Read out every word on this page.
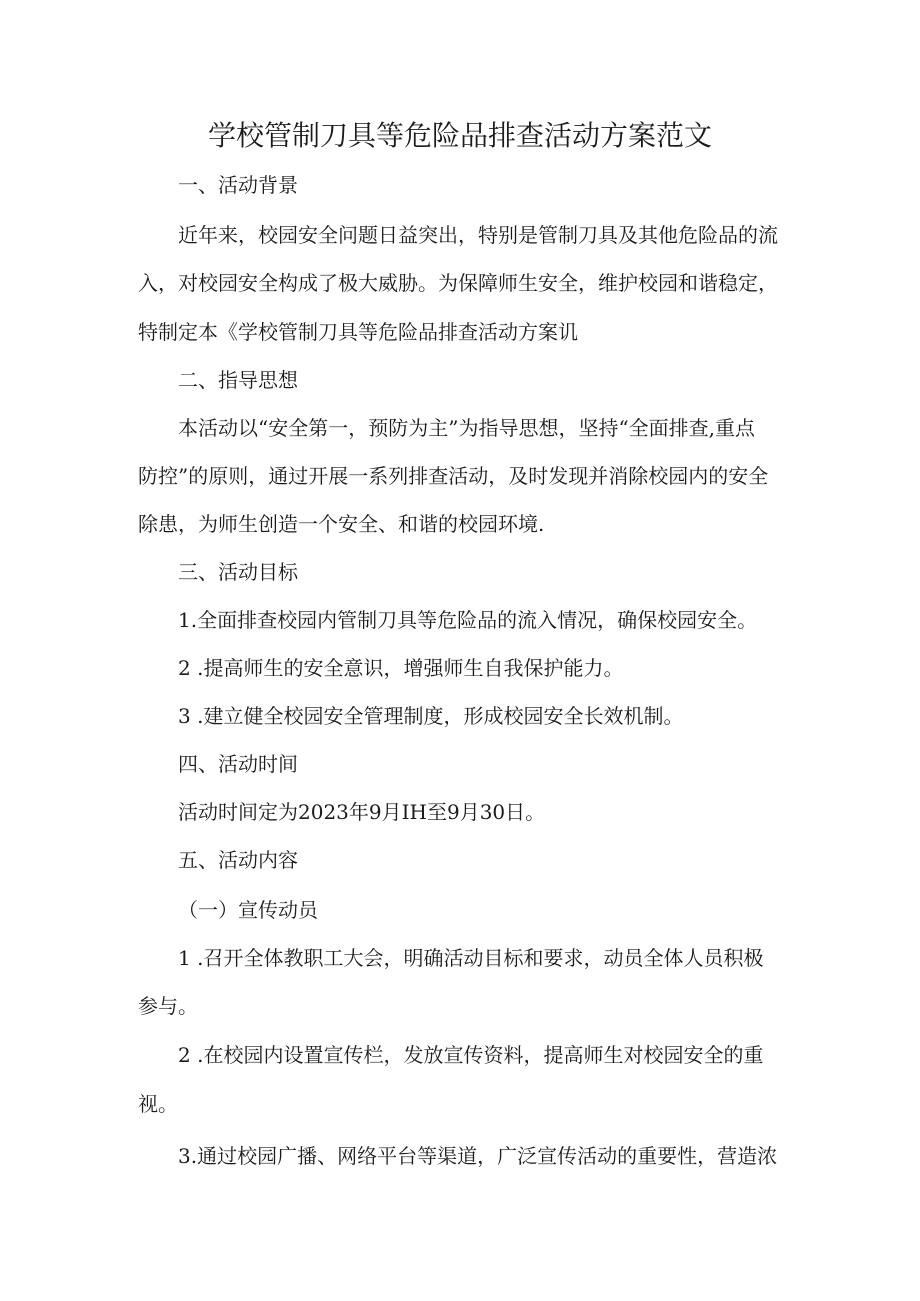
学校管制刀具等危险品排查活动方案范文
一、活动背景
近年来，校园安全问题日益突出，特别是管制刀具及其他危险品的流
入，对校园安全构成了极大威胁。为保障师生安全，维护校园和谐稳定，
特制定本《学校管制刀具等危险品排查活动方案讥
二、指导思想
本活动以“安全第一，预防为主”为指导思想，坚持“全面排查,重点
防控”的原则，通过开展一系列排查活动，及时发现并消除校园内的安全
除患，为师生创造一个安全、和谐的校园环境.
三、活动目标
1.全面排查校园内管制刀具等危险品的流入情况，确保校园安全。
2 .提高师生的安全意识，增强师生自我保护能力。
3 .建立健全校园安全管理制度，形成校园安全长效机制。
四、活动时间
活动时间定为2023年9月IH至9月30日。
五、活动内容
（一）宣传动员
1 .召开全体教职工大会，明确活动目标和要求，动员全体人员积极
参与。
2 .在校园内设置宣传栏，发放宣传资料，提高师生对校园安全的重
视。
3.通过校园广播、网络平台等渠道，广泛宣传活动的重要性，营造浓
